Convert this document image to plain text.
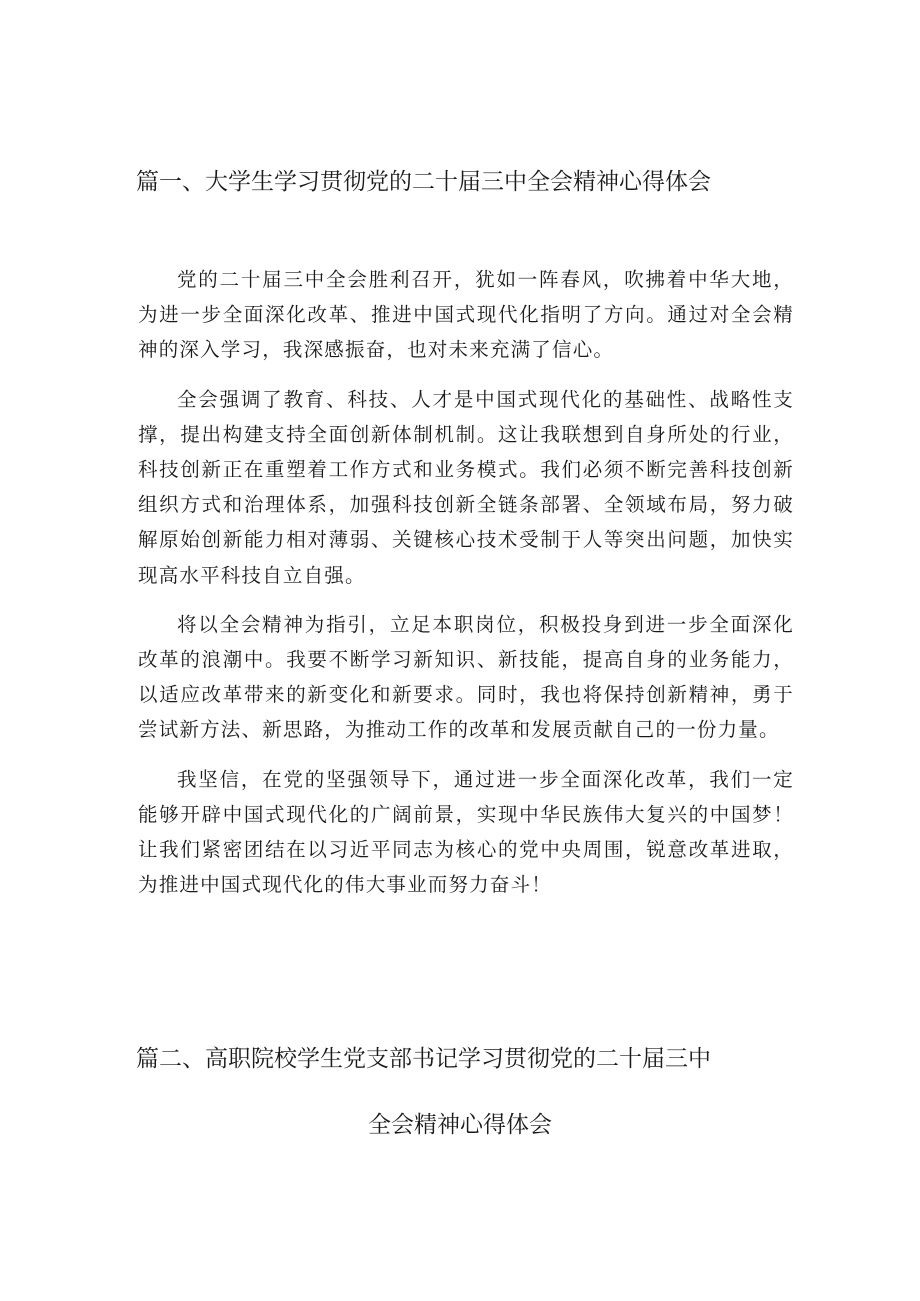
篇一、大学生学习贯彻党的二十届三中全会精神心得体会

党的二十届三中全会胜利召开，犹如一阵春风，吹拂着中华大地，为进一步全面深化改革、推进中国式现代化指明了方向。通过对全会精神的深入学习，我深感振奋，也对未来充满了信心。

全会强调了教育、科技、人才是中国式现代化的基础性、战略性支撑，提出构建支持全面创新体制机制。这让我联想到自身所处的行业，科技创新正在重塑着工作方式和业务模式。我们必须不断完善科技创新组织方式和治理体系，加强科技创新全链条部署、全领域布局，努力破解原始创新能力相对薄弱、关键核心技术受制于人等突出问题，加快实现高水平科技自立自强。

将以全会精神为指引，立足本职岗位，积极投身到进一步全面深化改革的浪潮中。我要不断学习新知识、新技能，提高自身的业务能力，以适应改革带来的新变化和新要求。同时，我也将保持创新精神，勇于尝试新方法、新思路，为推动工作的改革和发展贡献自己的一份力量。

我坚信，在党的坚强领导下，通过进一步全面深化改革，我们一定能够开辟中国式现代化的广阔前景，实现中华民族伟大复兴的中国梦！让我们紧密团结在以习近平同志为核心的党中央周围，锐意改革进取，为推进中国式现代化的伟大事业而努力奋斗！

篇二、高职院校学生党支部书记学习贯彻党的二十届三中
全会精神心得体会
